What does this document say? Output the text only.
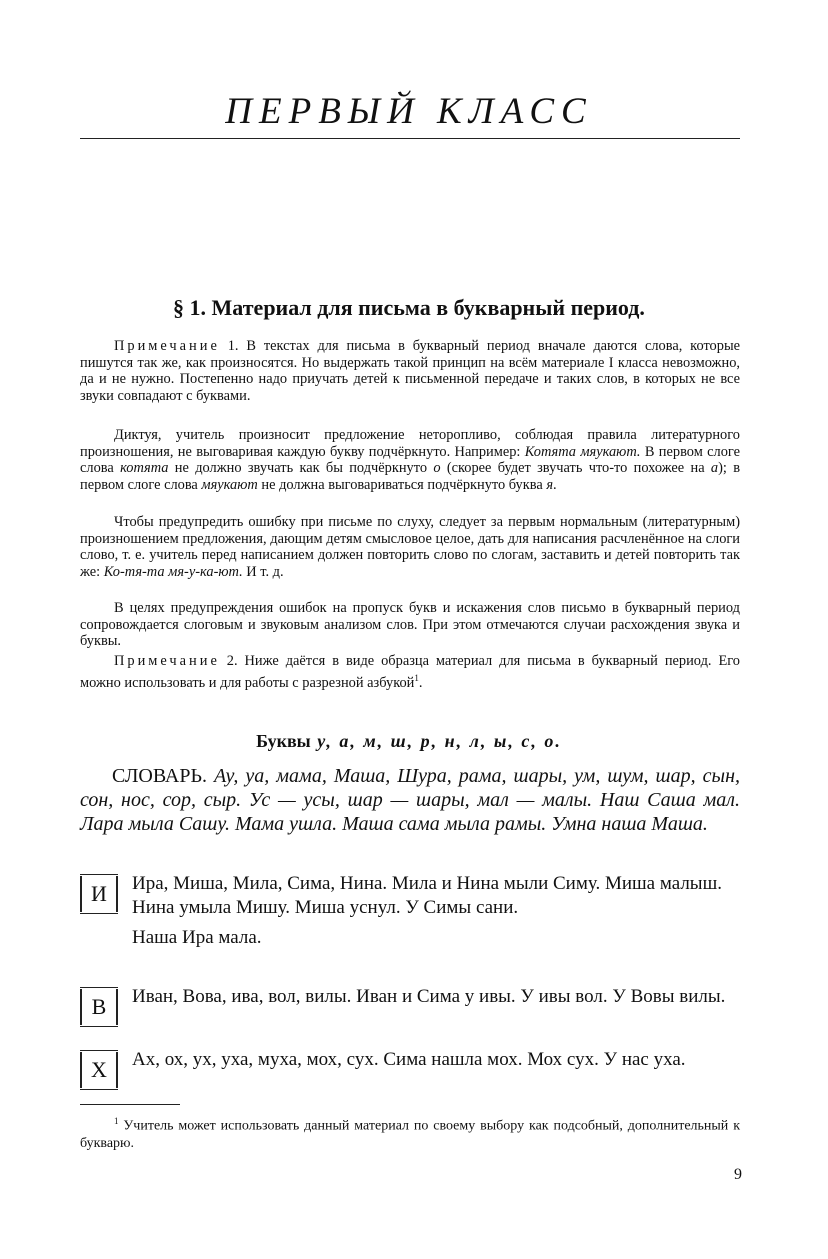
ПЕРВЫЙ КЛАСС
§ 1. Материал для письма в букварный период.

Примечание 1. В текстах для письма в букварный период вначале даются слова, которые пишутся так же, как произносятся. Но выдержать такой принцип на всём материале I класса невозможно, да и не нужно. Постепенно надо приучать детей к письменной передаче и таких слов, в которых не все звуки совпадают с буквами.

Диктуя, учитель произносит предложение неторопливо, соблюдая правила литературного произношения, не выговаривая каждую букву подчёркнуто. Например: Котята мяукают. В первом слоге слова котята не должно звучать как бы подчёркнуто о (скорее будет звучать что-то похожее на а); в первом слоге слова мяукают не должна выговариваться подчёркнуто буква я.

Чтобы предупредить ошибку при письме по слуху, следует за первым нормальным (литературным) произношением предложения, дающим детям смысловое целое, дать для написания расчленённое на слоги слово, т. е. учитель перед написанием должен повторить слово по слогам, заставить и детей повторить так же: Ко-тя-та мя-у-ка-ют. И т. д.

В целях предупреждения ошибок на пропуск букв и искажения слов письмо в букварный период сопровождается слоговым и звуковым анализом слов. При этом отмечаются случаи расхождения звука и буквы.

Примечание 2. Ниже даётся в виде образца материал для письма в букварный период. Его можно использовать и для работы с разрезной азбукой$^1$.

Буквы у, а, м, ш, р, н, л, ы, с, о.

СЛОВАРЬ. Ау, уа, мама, Маша, Шура, рама, шары, ум, шум, шар, сын, сон, нос, сор, сыр. Ус — усы, шар — шары, мал — малы. Наш Саша мал. Лара мыла Сашу. Мама ушла. Маша сама мыла рамы. Умна наша Маша.

И	Ира, Миша, Мила, Сима, Нина. Мила и Нина мыли Симу. Миша малыш. Нина умыла Мишу. Миша уснул. У Симы сани.
Наша Ира мала.

В	Иван, Вова, ива, вол, вилы. Иван и Сима у ивы. У ивы вол. У Вовы вилы.

Х	Ах, ох, ух, уха, муха, мох, сух. Сима нашла мох. Мох сух. У нас уха.

$^1$ Учитель может использовать данный материал по своему выбору как подсобный, дополнительный к букварю.

9
